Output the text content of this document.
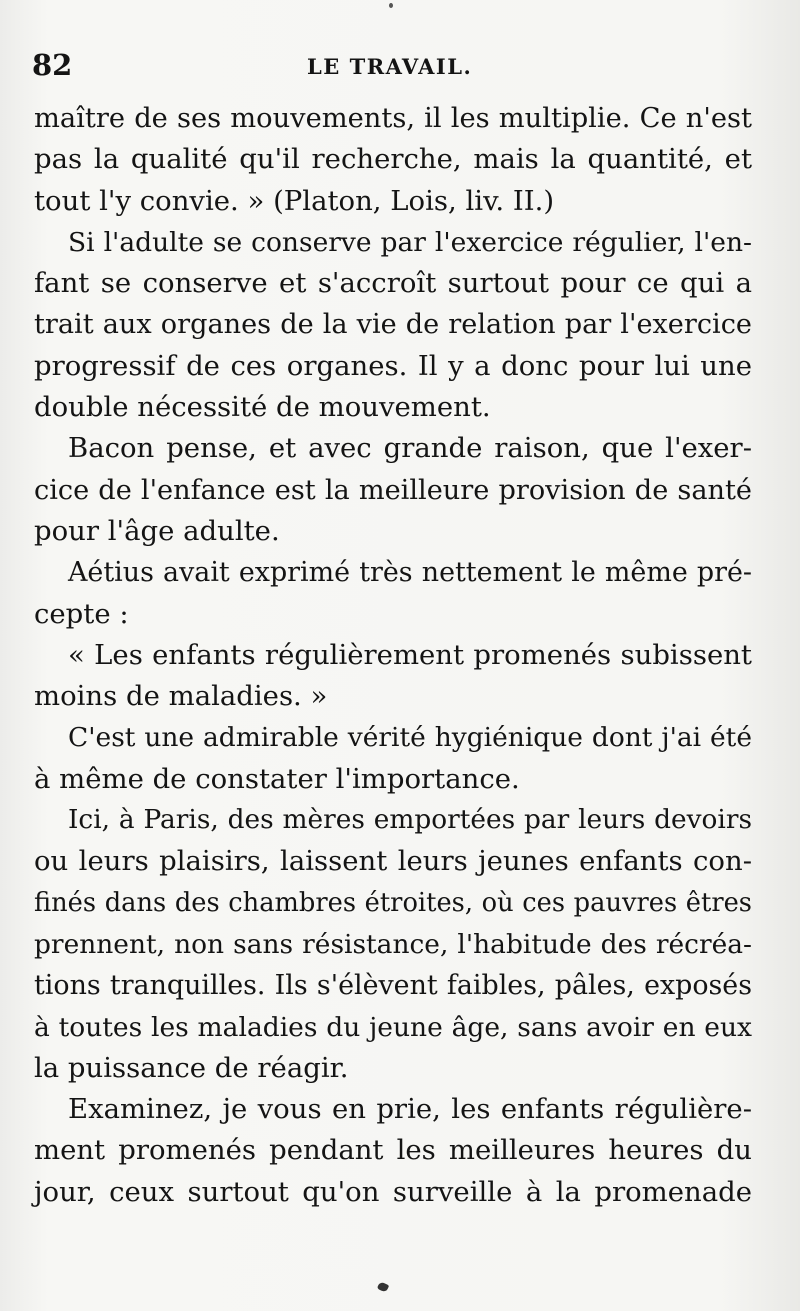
82	LE TRAVAIL.
maître de ses mouvements, il les multiplie. Ce n'est
pas la qualité qu'il recherche, mais la quantité, et
tout l'y convie. » (Platon, Lois, liv. II.)
Si l'adulte se conserve par l'exercice régulier, l'en-
fant se conserve et s'accroît surtout pour ce qui a
trait aux organes de la vie de relation par l'exercice
progressif de ces organes. Il y a donc pour lui une
double nécessité de mouvement.
Bacon pense, et avec grande raison, que l'exer-
cice de l'enfance est la meilleure provision de santé
pour l'âge adulte.
Aétius avait exprimé très nettement le même pré-
cepte :
« Les enfants régulièrement promenés subissent
moins de maladies. »
C'est une admirable vérité hygiénique dont j'ai été
à même de constater l'importance.
Ici, à Paris, des mères emportées par leurs devoirs
ou leurs plaisirs, laissent leurs jeunes enfants con-
finés dans des chambres étroites, où ces pauvres êtres
prennent, non sans résistance, l'habitude des récréa-
tions tranquilles. Ils s'élèvent faibles, pâles, exposés
à toutes les maladies du jeune âge, sans avoir en eux
la puissance de réagir.
Examinez, je vous en prie, les enfants régulière-
ment promenés pendant les meilleures heures du
jour, ceux surtout qu'on surveille à la promenade
